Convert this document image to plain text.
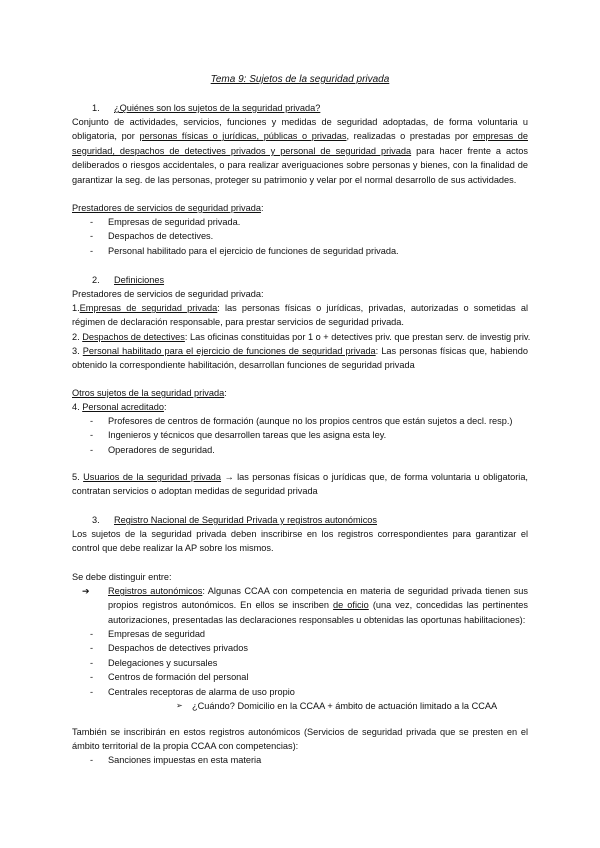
Tema 9: Sujetos de la seguridad privada
1. ¿Quiénes son los sujetos de la seguridad privada?
Conjunto de actividades, servicios, funciones y medidas de seguridad adoptadas, de forma voluntaria u obligatoria, por personas físicas o jurídicas, públicas o privadas, realizadas o prestadas por empresas de seguridad, despachos de detectives privados y personal de seguridad privada para hacer frente a actos deliberados o riesgos accidentales, o para realizar averiguaciones sobre personas y bienes, con la finalidad de garantizar la seg. de las personas, proteger su patrimonio y velar por el normal desarrollo de sus actividades.
Prestadores de servicios de seguridad privada:
- Empresas de seguridad privada.
- Despachos de detectives.
- Personal habilitado para el ejercicio de funciones de seguridad privada.
2. Definiciones
Prestadores de servicios de seguridad privada:
1.Empresas de seguridad privada: las personas físicas o jurídicas, privadas, autorizadas o sometidas al régimen de declaración responsable, para prestar servicios de seguridad privada.
2. Despachos de detectives: Las oficinas constituidas por 1 o + detectives priv. que prestan serv. de investig priv.
3. Personal habilitado para el ejercicio de funciones de seguridad privada: Las personas físicas que, habiendo obtenido la correspondiente habilitación, desarrollan funciones de seguridad privada
Otros sujetos de la seguridad privada:
4. Personal acreditado:
- Profesores de centros de formación (aunque no los propios centros que están sujetos a decl. resp.)
- Ingenieros y técnicos que desarrollen tareas que les asigna esta ley.
- Operadores de seguridad.
5. Usuarios de la seguridad privada → las personas físicas o jurídicas que, de forma voluntaria u obligatoria, contratan servicios o adoptan medidas de seguridad privada
3. Registro Nacional de Seguridad Privada y registros autonómicos
Los sujetos de la seguridad privada deben inscribirse en los registros correspondientes para garantizar el control que debe realizar la AP sobre los mismos.
Se debe distinguir entre:
➔ Registros autonómicos: Algunas CCAA con competencia en materia de seguridad privada tienen sus propios registros autonómicos. En ellos se inscriben de oficio (una vez, concedidas las pertinentes autorizaciones, presentadas las declaraciones responsables u obtenidas las oportunas habilitaciones):
- Empresas de seguridad
- Despachos de detectives privados
- Delegaciones y sucursales
- Centros de formación del personal
- Centrales receptoras de alarma de uso propio
➢ ¿Cuándo? Domicilio en la CCAA + ámbito de actuación limitado a la CCAA
También se inscribirán en estos registros autonómicos (Servicios de seguridad privada que se presten en el ámbito territorial de la propia CCAA con competencias):
- Sanciones impuestas en esta materia
